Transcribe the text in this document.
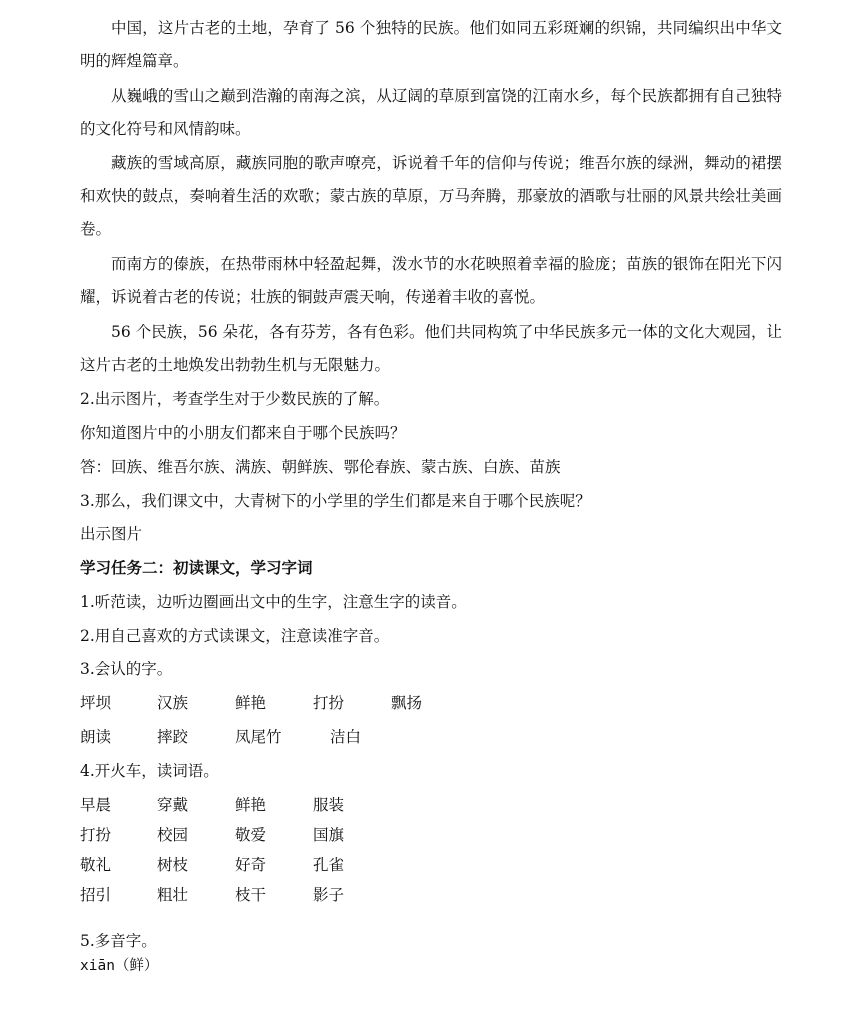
中国，这片古老的土地，孕育了 56 个独特的民族。他们如同五彩斑斓的织锦，共同编织出中华文明的辉煌篇章。

从巍峨的雪山之巅到浩瀚的南海之滨，从辽阔的草原到富饶的江南水乡，每个民族都拥有自己独特的文化符号和风情韵味。

藏族的雪域高原，藏族同胞的歌声嘹亮，诉说着千年的信仰与传说；维吾尔族的绿洲，舞动的裙摆和欢快的鼓点，奏响着生活的欢歌；蒙古族的草原，万马奔腾，那豪放的酒歌与壮丽的风景共绘壮美画卷。

而南方的傣族，在热带雨林中轻盈起舞，泼水节的水花映照着幸福的脸庞；苗族的银饰在阳光下闪耀，诉说着古老的传说；壮族的铜鼓声震天响，传递着丰收的喜悦。

56 个民族，56 朵花，各有芬芳，各有色彩。他们共同构筑了中华民族多元一体的文化大观园，让这片古老的土地焕发出勃勃生机与无限魅力。

2.出示图片，考查学生对于少数民族的了解。

你知道图片中的小朋友们都来自于哪个民族吗？

答：回族、维吾尔族、满族、朝鲜族、鄂伦春族、蒙古族、白族、苗族

3.那么，我们课文中，大青树下的小学里的学生们都是来自于哪个民族呢？

出示图片

学习任务二：初读课文，学习字词

1.听范读，边听边圈画出文中的生字，注意生字的读音。

2.用自己喜欢的方式读课文，注意读准字音。

3.会认的字。

坪坝	汉族	鲜艳	打扮	飘扬
朗读	摔跤	凤尾竹	洁白

4.开火车，读词语。

早晨	穿戴	鲜艳	服装
打扮	校园	敬爱	国旗
敬礼	树枝	好奇	孔雀
招引	粗壮	枝干	影子

5.多音字。

xiān（鲜）
